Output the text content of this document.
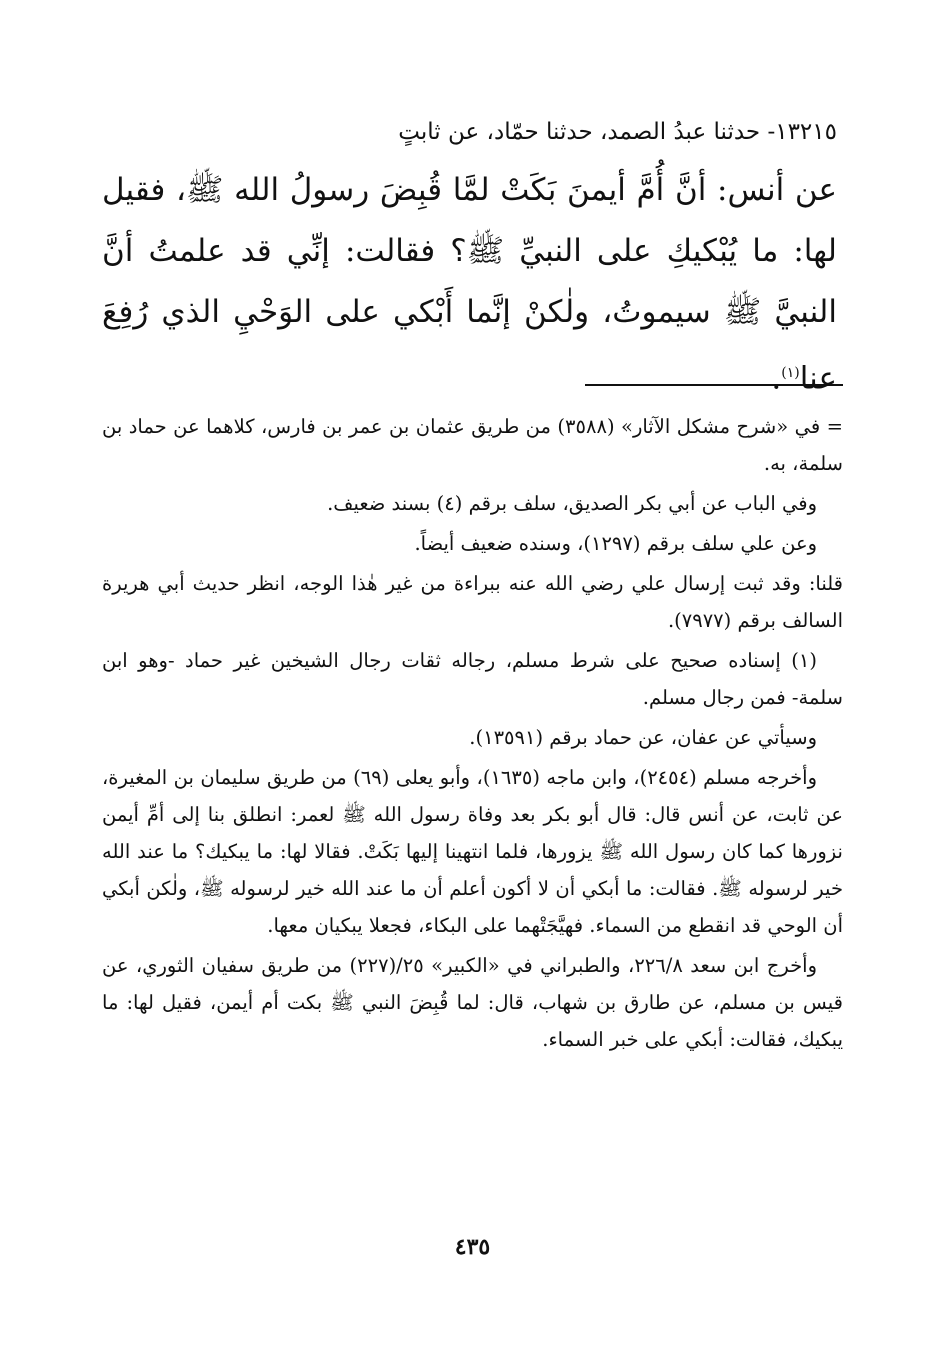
١٣٢١٥- حدثنا عبدُ الصمد، حدثنا حمّاد، عن ثابتٍ

عن أنس: أنَّ أُمَّ أيمنَ بَكَتْ لمَّا قُبِضَ رسولُ الله ﷺ، فقيل لها: ما يُبْكيكِ على النبيِّ ﷺ؟ فقالت: إنِّي قد علمتُ أنَّ النبيَّ ﷺ سيموتُ، ولٰكنْ إنَّما أَبْكي على الوَحْيِ الذي رُفِعَ عنا$^{(١)}$.

= في «شرح مشكل الآثار» (٣٥٨٨) من طريق عثمان بن عمر بن فارس، كلاهما عن حماد بن سلمة، به.

وفي الباب عن أبي بكر الصديق، سلف برقم (٤) بسند ضعيف.

وعن علي سلف برقم (١٢٩٧)، وسنده ضعيف أيضاً.

قلنا: وقد ثبت إرسال علي رضي الله عنه ببراءة من غير هٰذا الوجه، انظر حديث أبي هريرة السالف برقم (٧٩٧٧).

(١) إسناده صحيح على شرط مسلم، رجاله ثقات رجال الشيخين غير حماد -وهو ابن سلمة- فمن رجال مسلم.

وسيأتي عن عفان، عن حماد برقم (١٣٥٩١).

وأخرجه مسلم (٢٤٥٤)، وابن ماجه (١٦٣٥)، وأبو يعلى (٦٩) من طريق سليمان بن المغيرة، عن ثابت، عن أنس قال: قال أبو بكر بعد وفاة رسول الله ﷺ لعمر: انطلق بنا إلى أمِّ أيمن نزورها كما كان رسول الله ﷺ يزورها، فلما انتهينا إليها بَكَتْ. فقالا لها: ما يبكيك؟ ما عند الله خير لرسوله ﷺ. فقالت: ما أبكي أن لا أكون أعلم أن ما عند الله خير لرسوله ﷺ، ولٰكن أبكي أن الوحي قد انقطع من السماء. فهيَّجَتْهما على البكاء، فجعلا يبكيان معها.

وأخرج ابن سعد ٢٢٦/٨، والطبراني في «الكبير» ٢٥/(٢٢٧) من طريق سفيان الثوري، عن قيس بن مسلم، عن طارق بن شهاب، قال: لما قُبِضَ النبي ﷺ بكت أم أيمن، فقيل لها: ما يبكيك، فقالت: أبكي على خبر السماء.

٤٣٥
